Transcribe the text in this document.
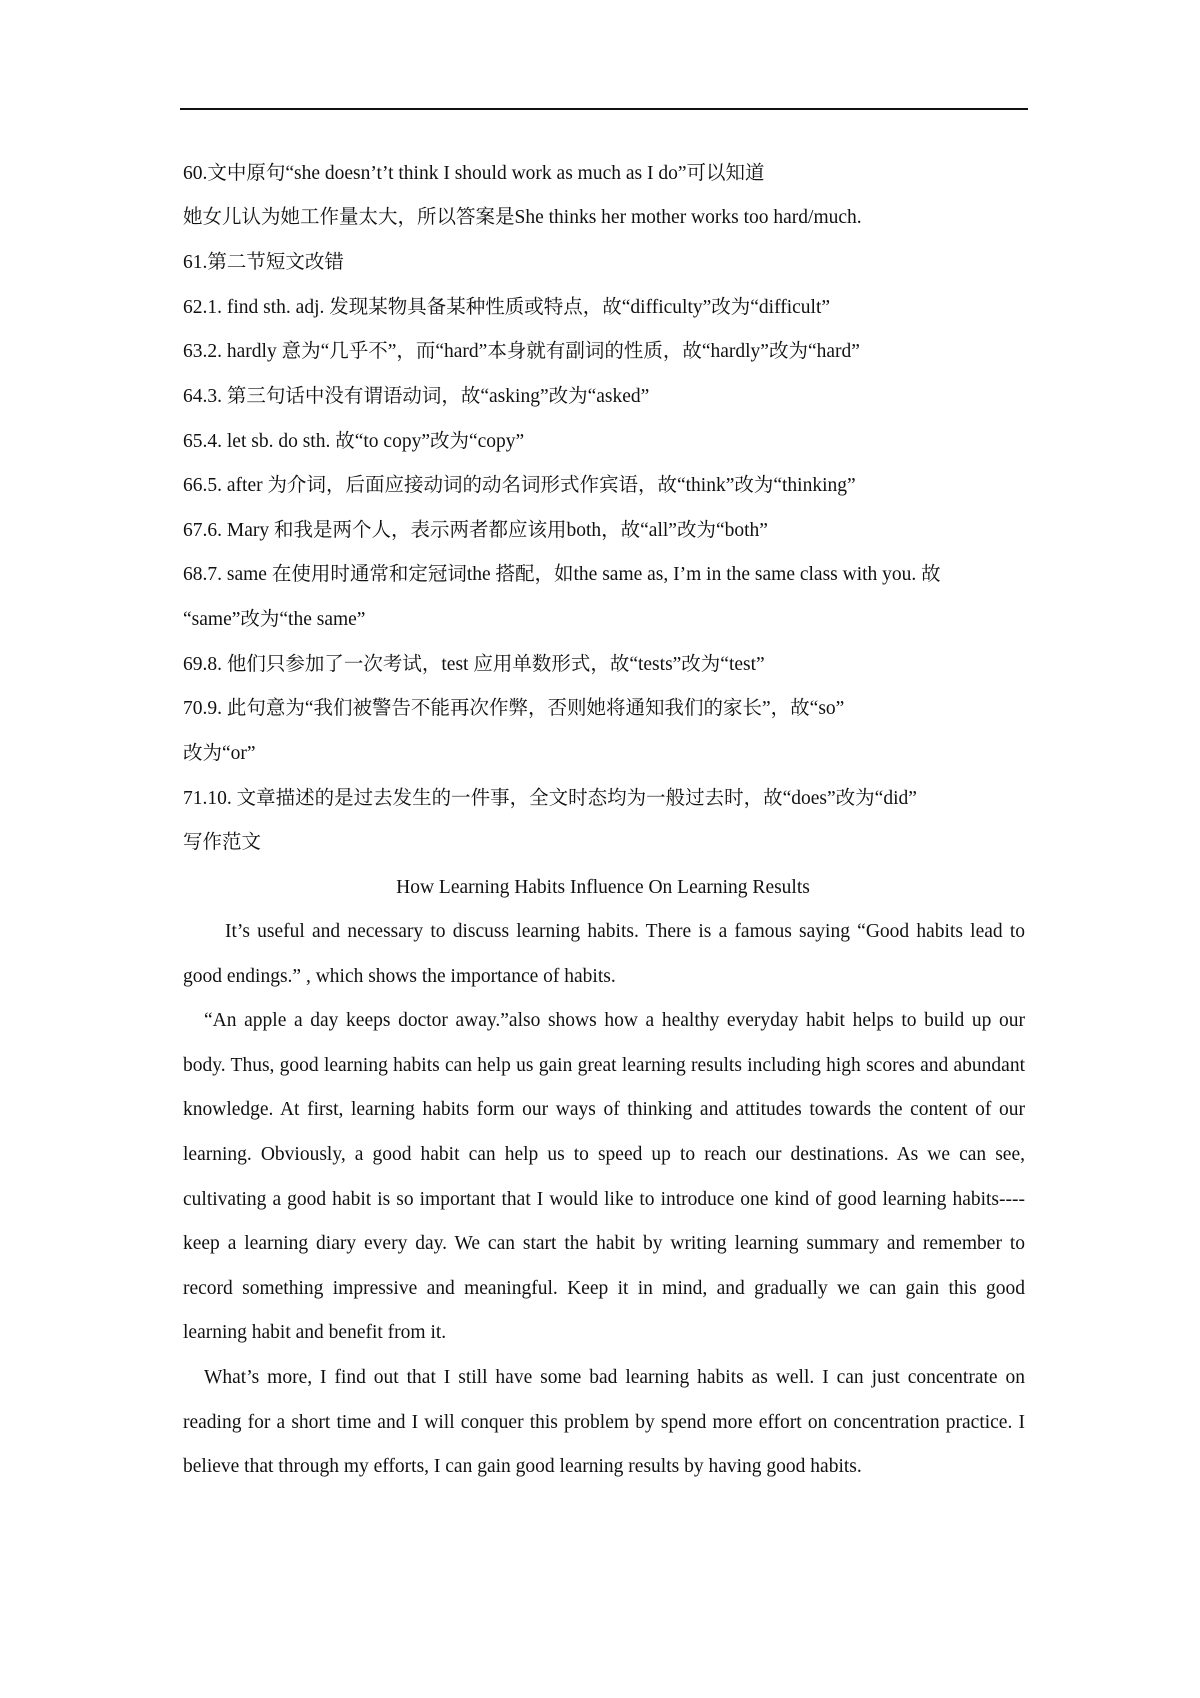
60.文中原句“she doesn’t’t think I should work as much as I do”可以知道
她女儿认为她工作量太大，所以答案是She thinks her mother works too hard/much.
61.第二节短文改错
62.1. find sth. adj. 发现某物具备某种性质或特点，故“difficulty”改为“difficult”
63.2. hardly 意为“几乎不”，而“hard”本身就有副词的性质，故“hardly”改为“hard”
64.3. 第三句话中没有谓语动词，故“asking”改为“asked”
65.4. let sb. do sth. 故“to copy”改为“copy”
66.5. after 为介词，后面应接动词的动名词形式作宾语，故“think”改为“thinking”
67.6. Mary 和我是两个人，表示两者都应该用both，故“all”改为“both”
68.7. same 在使用时通常和定冠词the 搭配，如the same as, I’m in the same class with you. 故
“same”改为“the same”
69.8. 他们只参加了一次考试，test 应用单数形式，故“tests”改为“test”
70.9. 此句意为“我们被警告不能再次作弊，否则她将通知我们的家长”，故“so”
改为“or”
71.10. 文章描述的是过去发生的一件事，全文时态均为一般过去时，故“does”改为“did”
写作范文
How Learning Habits Influence On Learning Results

It’s useful and necessary to discuss learning habits. There is a famous saying “Good habits lead to good endings.” , which shows the importance of habits.

“An apple a day keeps doctor away.”also shows how a healthy everyday habit helps to build up our body. Thus, good learning habits can help us gain great learning results including high scores and abundant knowledge. At first, learning habits form our ways of thinking and attitudes towards the content of our learning. Obviously, a good habit can help us to speed up to reach our destinations. As we can see, cultivating a good habit is so important that I would like to introduce one kind of good learning habits----keep a learning diary every day. We can start the habit by writing learning summary and remember to record something impressive and meaningful. Keep it in mind, and gradually we can gain this good learning habit and benefit from it.

What’s more, I find out that I still have some bad learning habits as well. I can just concentrate on reading for a short time and I will conquer this problem by spend more effort on concentration practice. I believe that through my efforts, I can gain good learning results by having good habits.
